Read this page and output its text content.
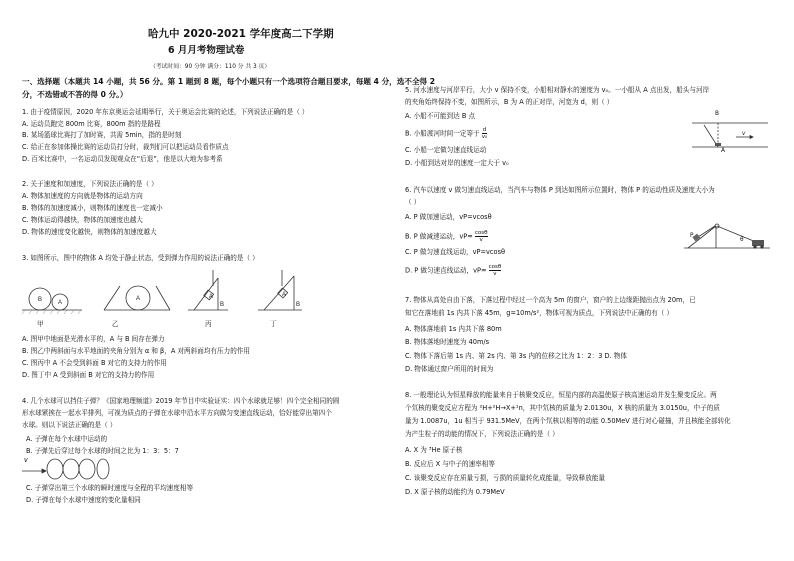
哈九中 2020-2021 学年度高二下学期
6 月月考物理试卷
（考试时间：90 分钟 满分：110 分 共 3 页）
一、选择题（本题共 14 小题，共 56 分。第 1 题到 8 题，每个小题只有一个选项符合题目要求，每题 4 分，选不全得 2
分，不选错或不答的得 0 分。）
1. 由于疫情原因，2020 年东京奥运会延期举行，关于奥运会比赛的论述，下列说法正确的是（ ）
A. 运动员跑完 800m 比赛，800m 指的是路程
B. 某场篮球比赛打了加时赛，共需 5min，指的是时刻
C. 给正在参加体操比赛的运动员打分时，裁判们可以把运动员看作质点
D. 百米比赛中，一名运动员发现观众在“后退”，他是以大地为参考系
2. 关于速度和加速度，下列说法正确的是（ ）
A. 物体加速度的方向就是物体的运动方向
B. 物体的加速度减小，则物体的速度也一定减小
C. 物体运动得越快，物体的加速度也越大
D. 物体的速度变化越快，则物体的加速度越大
3. 如图所示，图中的物体 A 均处于静止状态，受到弹力作用的说法正确的是（ ）
B	A
A	A
B
A
B
甲	乙	丙	丁
A. 图甲中地面是光滑水平的，A 与 B 间存在弹力
B. 图乙中两斜面与水平地面的夹角分别为 α 和 β，A 对两斜面均有压力的作用
C. 图丙中 A 不会受到斜面 B 对它的支持力的作用
D. 图丁中 A 受到斜面 B 对它的支持力的作用
4. 几个水球可以挡住子弹？《国家地理频道》2019 年节目中实验证实：四个水球就足够！四个完全相同的圆
形水球紧挨在一起水平排列，可视为质点的子弹在水球中沿水平方向做匀变速直线运动，恰好能穿出第四个
水球。则以下说法正确的是（ ）
A. 子弹在每个水球中运动的
B. 子弹先后穿过每个水球的时间之比为 1：3：5：7
v
C. 子弹穿出第三个水球的瞬时速度与全程的平均速度相等
D. 子弹在每个水球中速度的变化量相同
5. 河水速度与河岸平行，大小 v 保持不变，小船相对静水的速度为 v₀。一小船从 A 点出发，船头与河岸
的夹角始终保持不变，如图所示，B 为 A 的正对岸，河宽为 d，则（ ）
A. 小船不可能到达 B 点
B. 小船渡河时间一定等于 $\frac{d}{\text{v₀}}$
C. 小船一定做匀速直线运动
D. 小船到达对岸的速度一定大于 v₀
B
A
v
6. 汽车以速度 v 做匀速直线运动，当汽车与物体 P 到达如图所示位置时，物体 P 的运动性质及速度大小为
（ ）
A. P 做加速运动，vP=vcosθ
B. P 做减速运动，$vP= \frac{\cos\theta}{v}$
C. P 做匀速直线运动，vP=vcosθ
D. P 做匀速直线运动，$vP= \frac{\cos\theta}{v}$
P
θ
7. 物体从高处自由下落，下落过程中经过一个高为 5m 的窗户，窗户的上边缘距抛出点为 20m，已
知它在落地前 1s 内共下落 45m，g=10m/s²，物体可视为质点，下列说法中正确的有（ ）
A. 物体落地前 1s 内共下落 80m
B. 物体落地时速度为 40m/s
C. 物体下落后第 1s 内、第 2s 内、第 3s 内的位移之比为 1：2：3 D. 物体
D. 物体通过窗户所用的时间为
8. 一般理论认为恒星释放的能量来自于核聚变反应，恒星内部的高温使原子核高速运动并发生聚变反应。两
个氘核的聚变反应方程为 ²H+²H→X+¹n，其中氘核的质量为 2.0130u，X 核的质量为 3.0150u，中子的质
量为 1.0087u，1u 相当于 931.5MeV，在两个氘核以相等的动能 0.50MeV 进行对心碰撞，并且核能全部转化
为产生粒子的动能的情况下，下列说法正确的是（ ）
A. X 为 ³He 原子核
B. 反应后 X 与中子的速率相等
C. 该聚变反应存在质量亏损，亏损的质量转化成能量，导致释放能量
D. X 原子核的动能约为 0.79MeV
